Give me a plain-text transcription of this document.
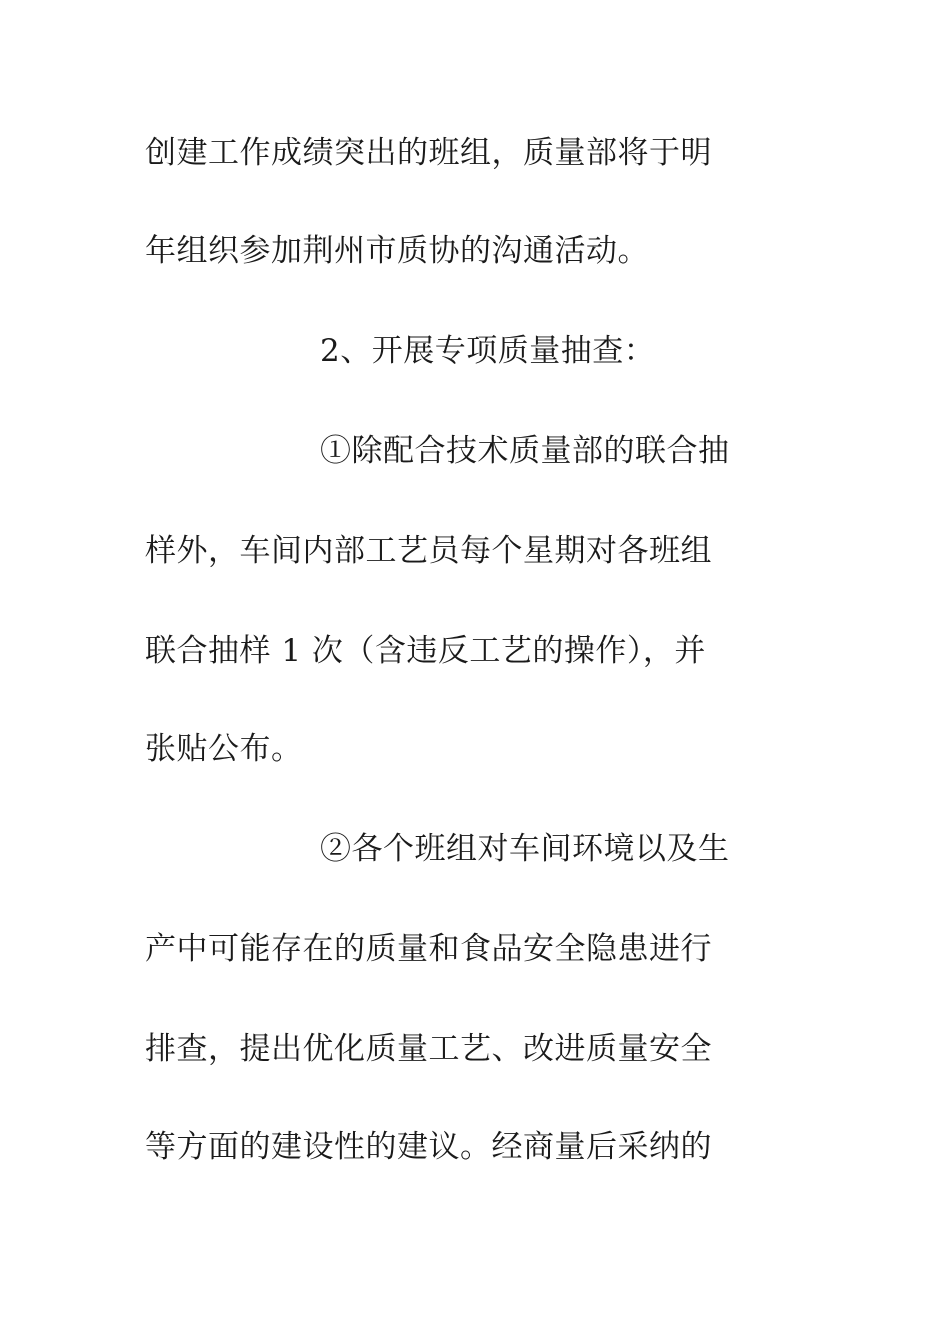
创建工作成绩突出的班组，质量部将于明
年组织参加荆州市质协的沟通活动。
2、开展专项质量抽查：
①除配合技术质量部的联合抽
样外，车间内部工艺员每个星期对各班组
联合抽样 1 次（含违反工艺的操作），并
张贴公布。
②各个班组对车间环境以及生
产中可能存在的质量和食品安全隐患进行
排查，提出优化质量工艺、改进质量安全
等方面的建设性的建议。经商量后采纳的
